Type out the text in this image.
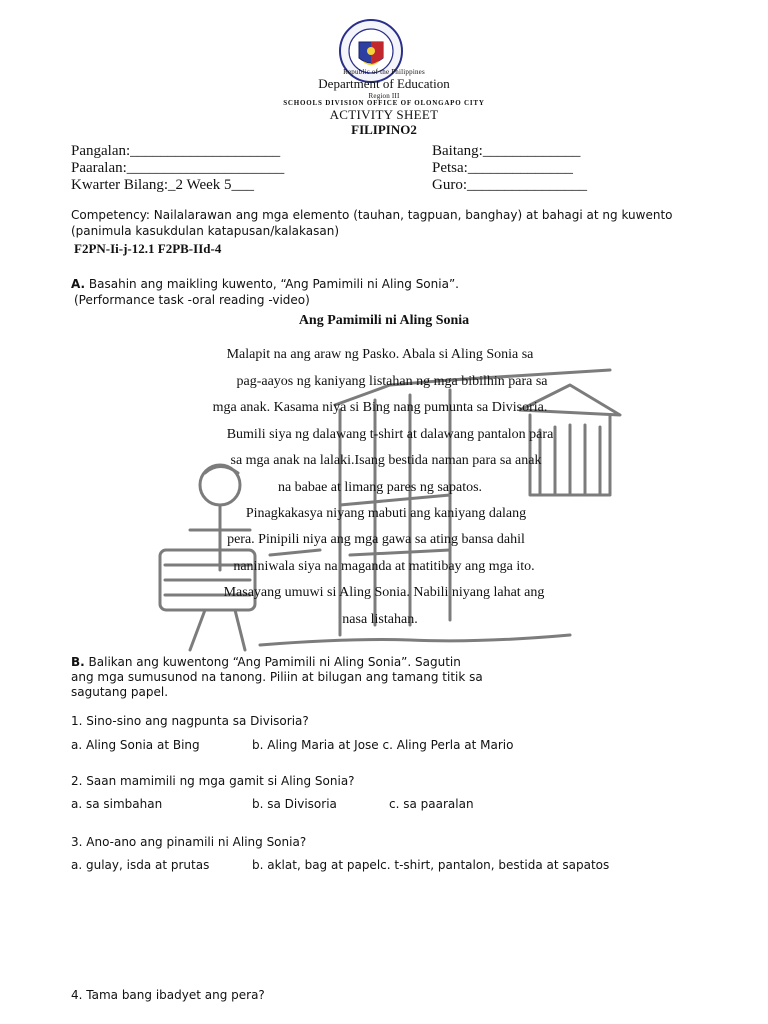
Republic of the Philippines
Department of Education
Region III
SCHOOLS DIVISION OFFICE OF OLONGAPO CITY
ACTIVITY SHEET
FILIPINO2
Pangalan:____________________
Paaralan:_____________________
Kwarter Bilang:_2 Week 5___
Baitang:_____________
Petsa:______________
Guro:________________
Competency: Nailalarawan ang mga elemento (tauhan, tagpuan, banghay) at bahagi at ng kuwento
(panimula kasukdulan katapusan/kalakasan)
F2PN-Ii-j-12.1 F2PB-IId-4
A. Basahin ang maikling kuwento, “Ang Pamimili ni Aling Sonia”.
(Performance task -oral reading -video)
Ang Pamimili ni Aling Sonia
Malapit na ang araw ng Pasko. Abala si Aling Sonia sa
pag-aayos ng kaniyang listahan ng mga bibilhin para sa
mga anak. Kasama niya si Bing nang pumunta sa Divisoria.
Bumili siya ng dalawang t-shirt at dalawang pantalon para
sa mga anak na lalaki.Isang bestida naman para sa anak
na babae at limang pares ng sapatos.
Pinagkakasya niyang mabuti ang kaniyang dalang
pera. Pinipili niya ang mga gawa sa ating bansa dahil
naniniwala siya na maganda at matitibay ang mga ito.
Masayang umuwi si Aling Sonia. Nabili niyang lahat ang
nasa listahan.
B. Balikan ang kuwentong “Ang Pamimili ni Aling Sonia”. Sagutin
ang mga sumusunod na tanong. Piliin at bilugan ang tamang titik sa
sagutang papel.
1. Sino-sino ang nagpunta sa Divisoria?
a. Aling Sonia at Bing	b. Aling Maria at Jose c. Aling Perla at Mario
2. Saan mamimili ng mga gamit si Aling Sonia?
a. sa simbahan	b. sa Divisoria	c. sa paaralan
3. Ano-ano ang pinamili ni Aling Sonia?
a. gulay, isda at prutas	b. aklat, bag at papelc. t-shirt, pantalon, bestida at sapatos
4. Tama bang ibadyet ang pera?
